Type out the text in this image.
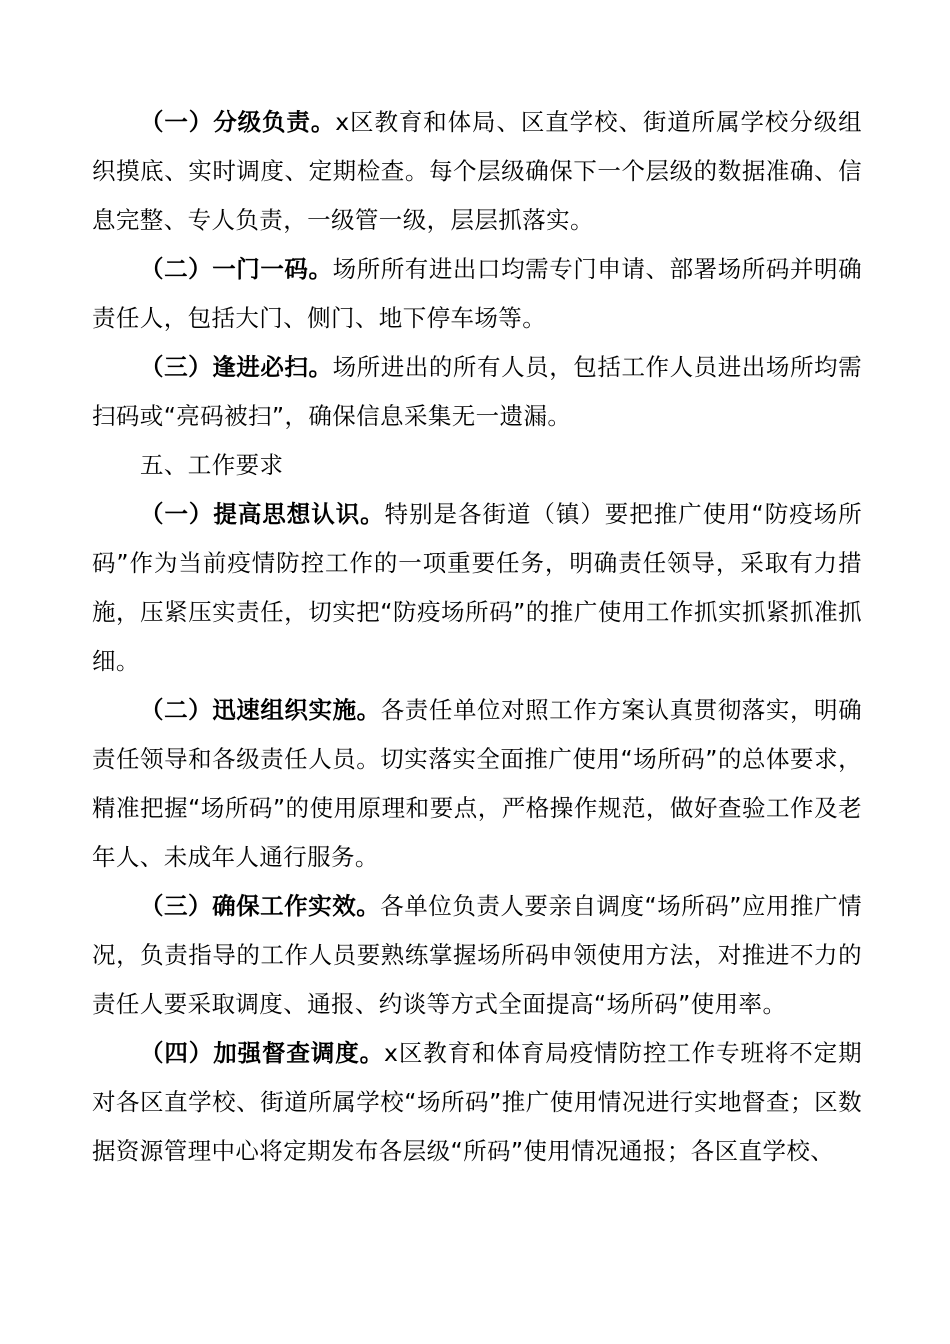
（一）分级负责。x区教育和体局、区直学校、街道所属学校分级组织摸底、实时调度、定期检查。每个层级确保下一个层级的数据准确、信息完整、专人负责，一级管一级，层层抓落实。

（二）一门一码。场所所有进出口均需专门申请、部署场所码并明确责任人，包括大门、侧门、地下停车场等。

（三）逢进必扫。场所进出的所有人员，包括工作人员进出场所均需扫码或“亮码被扫”，确保信息采集无一遗漏。

五、工作要求

（一）提高思想认识。特别是各街道（镇）要把推广使用“防疫场所码”作为当前疫情防控工作的一项重要任务，明确责任领导，采取有力措施，压紧压实责任，切实把“防疫场所码”的推广使用工作抓实抓紧抓准抓细。

（二）迅速组织实施。各责任单位对照工作方案认真贯彻落实，明确责任领导和各级责任人员。切实落实全面推广使用“场所码”的总体要求，精准把握“场所码”的使用原理和要点，严格操作规范，做好查验工作及老年人、未成年人通行服务。

（三）确保工作实效。各单位负责人要亲自调度“场所码”应用推广情况，负责指导的工作人员要熟练掌握场所码申领使用方法，对推进不力的责任人要采取调度、通报、约谈等方式全面提高“场所码”使用率。

（四）加强督查调度。x区教育和体育局疫情防控工作专班将不定期对各区直学校、街道所属学校“场所码”推广使用情况进行实地督查；区数据资源管理中心将定期发布各层级“所码”使用情况通报；各区直学校、
